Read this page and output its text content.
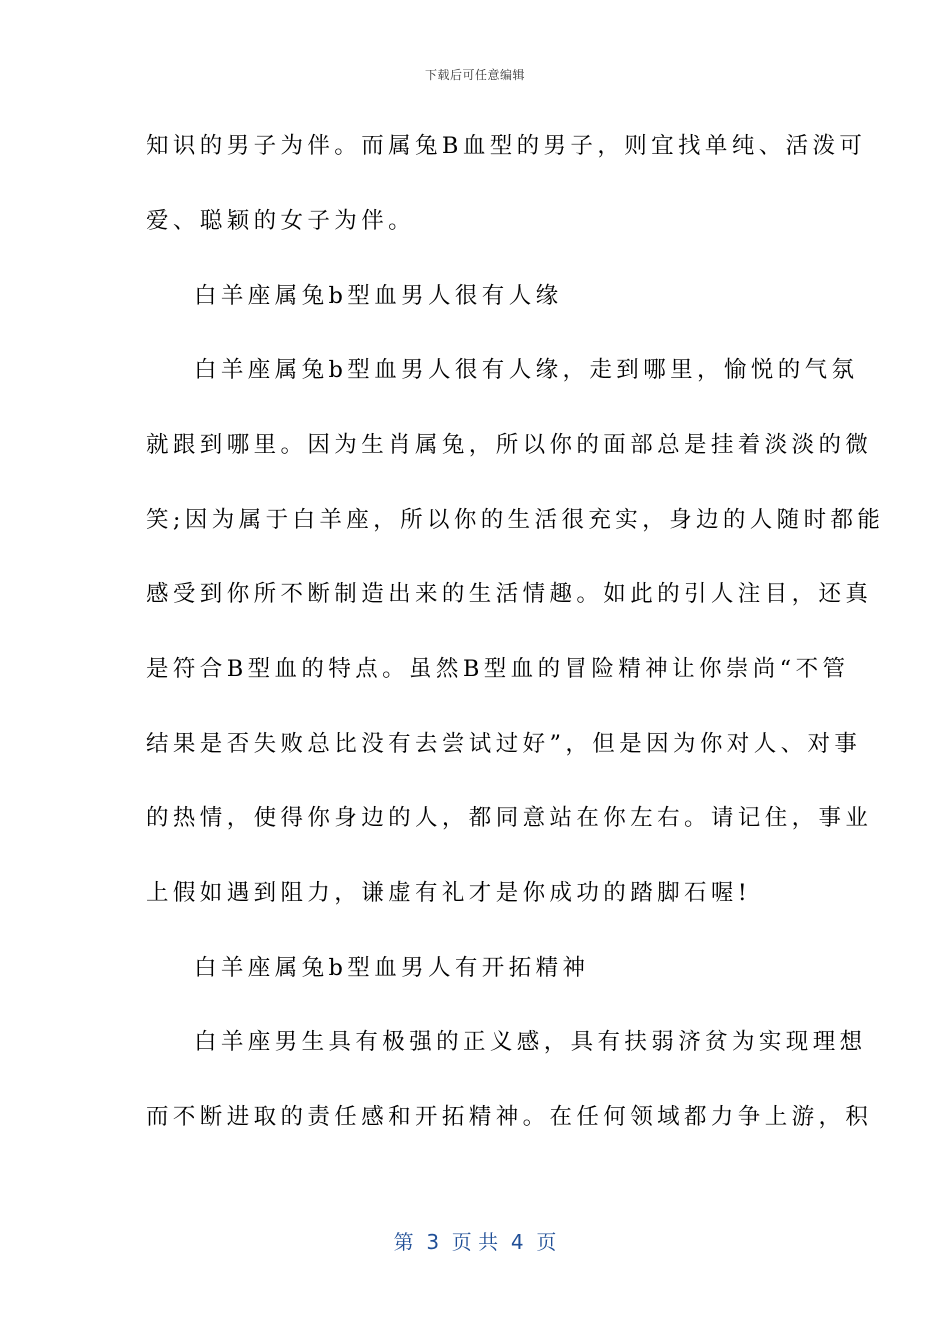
下载后可任意编辑
知识的男子为伴。而属兔B血型的男子，则宜找单纯、活泼可
爱、聪颖的女子为伴。
白羊座属兔b型血男人很有人缘
白羊座属兔b型血男人很有人缘，走到哪里，愉悦的气氛
就跟到哪里。因为生肖属兔，所以你的面部总是挂着淡淡的微
笑;因为属于白羊座，所以你的生活很充实，身边的人随时都能
感受到你所不断制造出来的生活情趣。如此的引人注目，还真
是符合B型血的特点。虽然B型血的冒险精神让你崇尚“不管
结果是否失败总比没有去尝试过好”，但是因为你对人、对事
的热情，使得你身边的人，都同意站在你左右。请记住，事业
上假如遇到阻力，谦虚有礼才是你成功的踏脚石喔!
白羊座属兔b型血男人有开拓精神
白羊座男生具有极强的正义感，具有扶弱济贫为实现理想
而不断进取的责任感和开拓精神。在任何领域都力争上游，积
第  3  页 共  4  页
